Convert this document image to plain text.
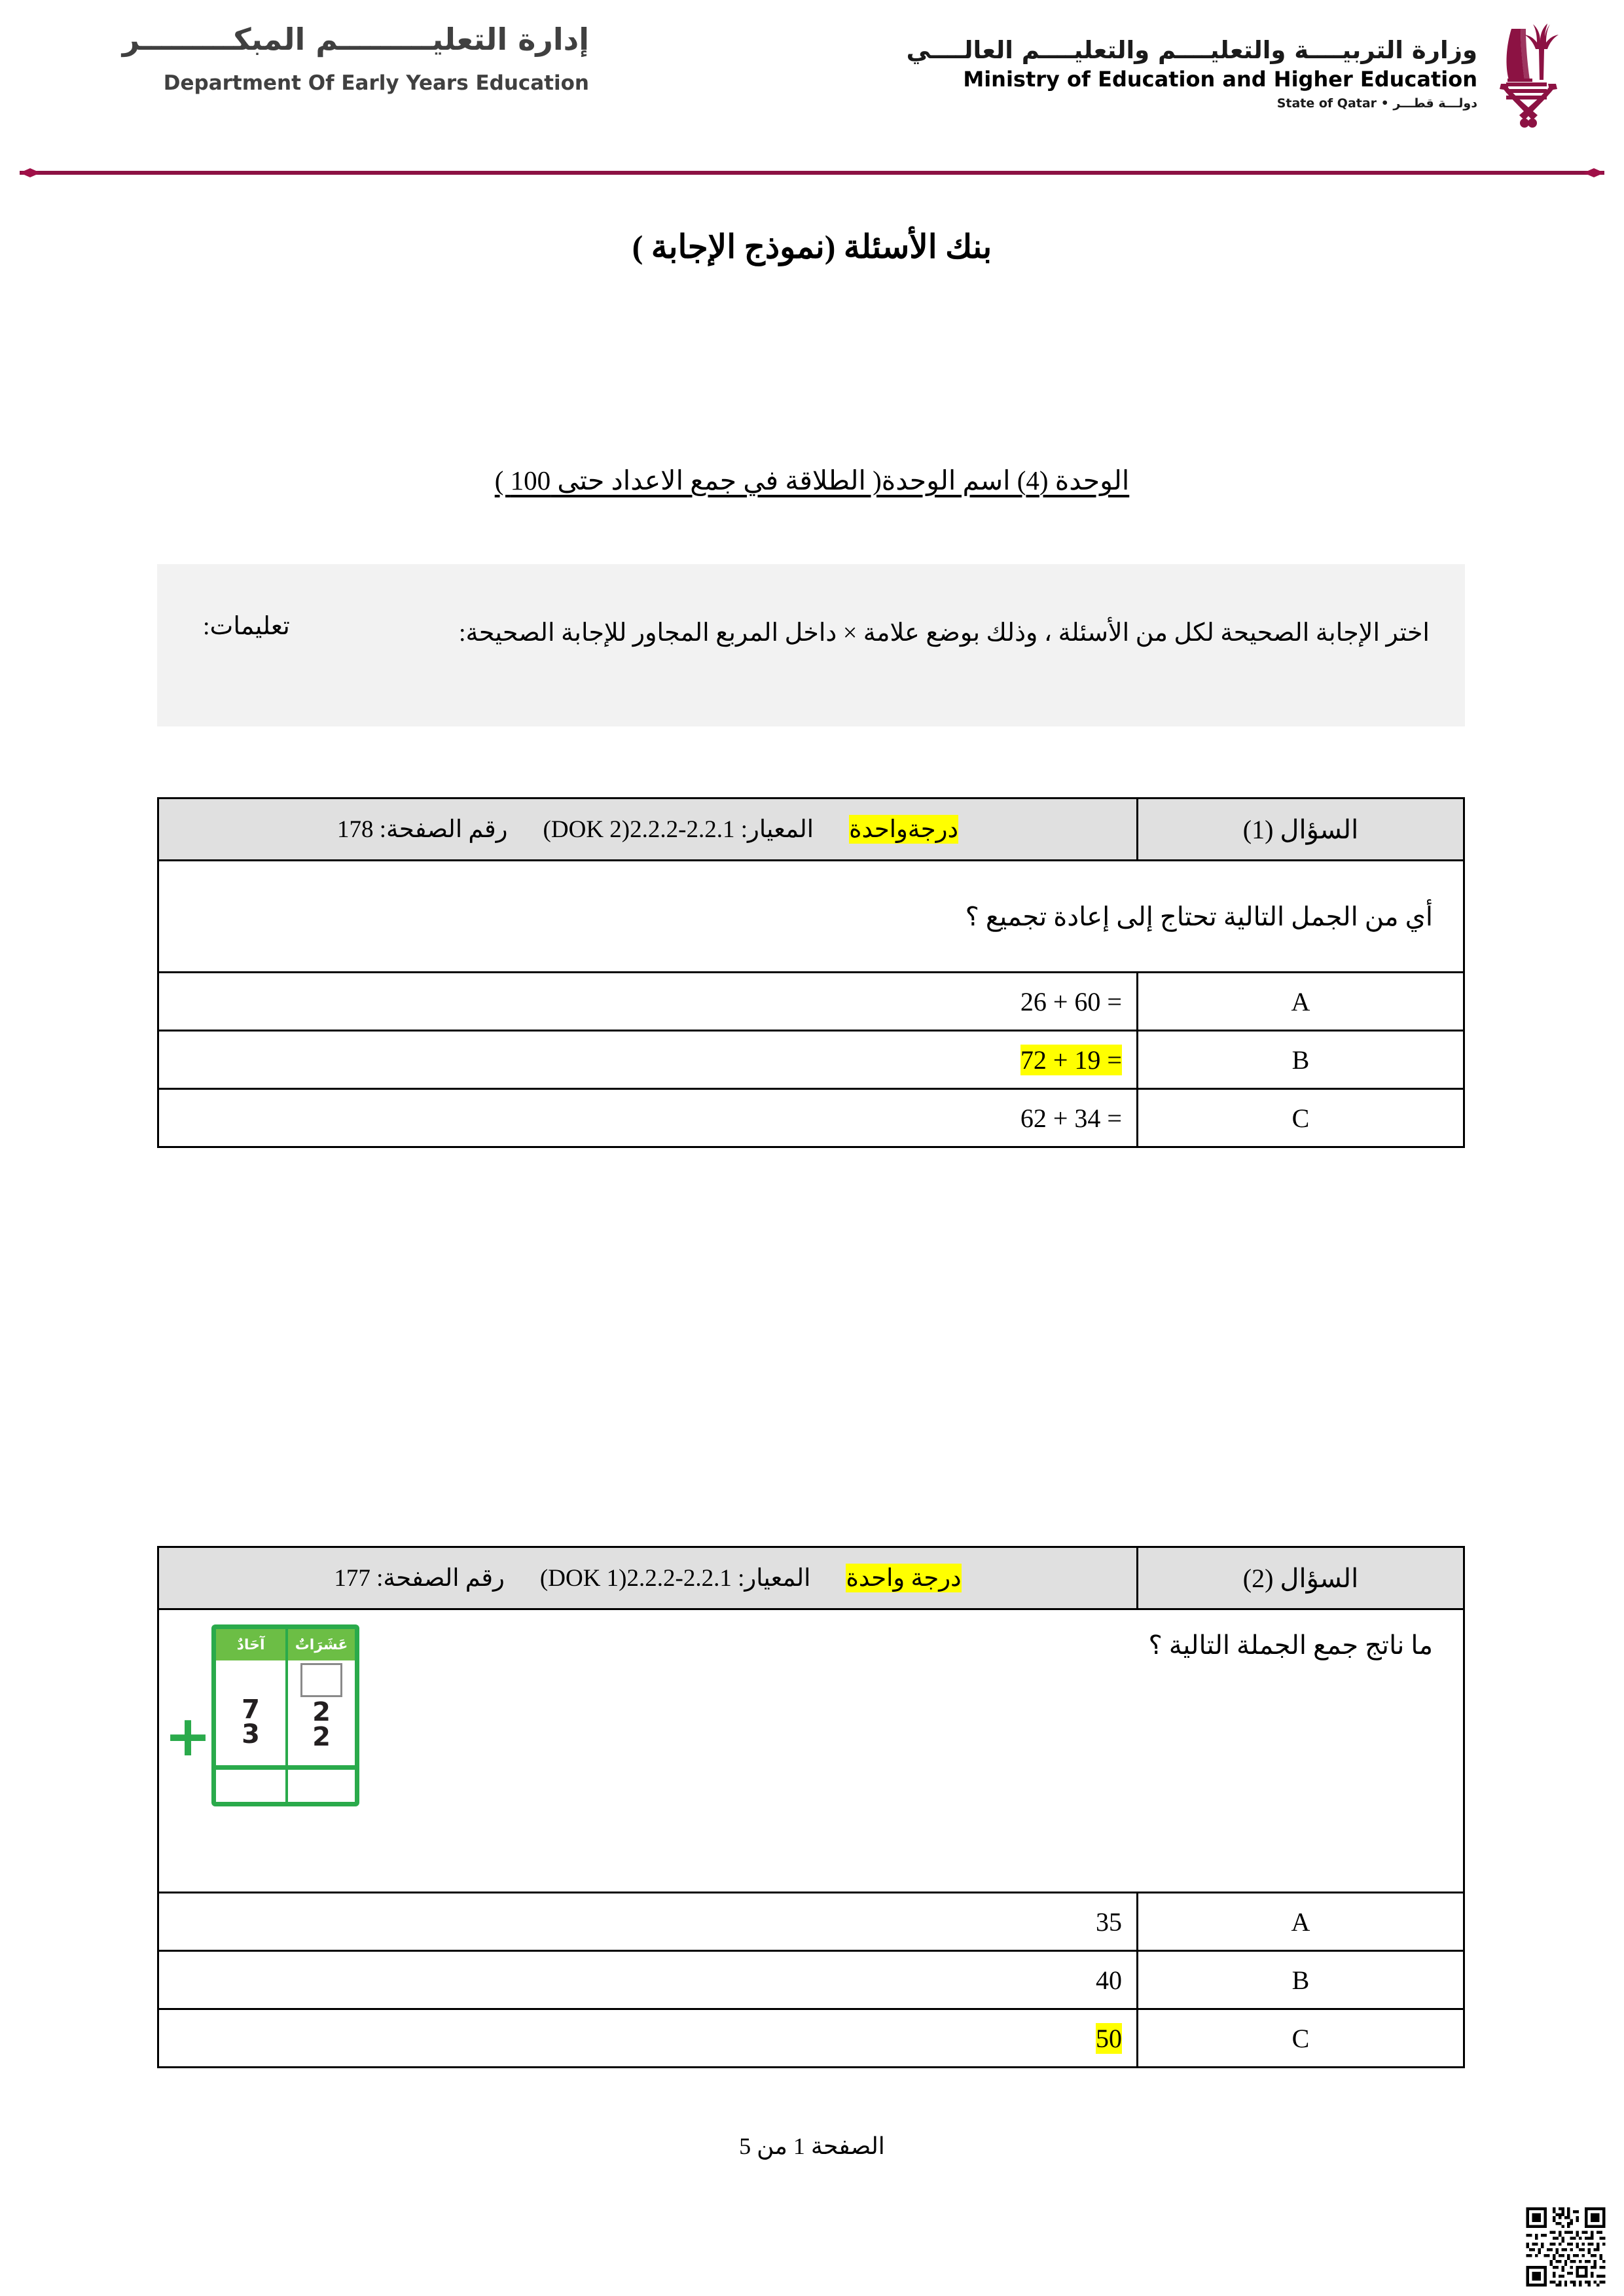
إدارة التعليـــــــــم المبكـــــــــر
Department Of Early Years Education
وزارة التربيــــة والتعليــــم والتعليــــم العالــــي
Ministry of Education and Higher Education
دولـــة قطـــر • State of Qatar
بنك الأسئلة (نموذج الإجابة )
الوحدة (4) اسم الوحدة( الطلاقة في جمع الاعداد حتى 100 )
تعليمات:	اختر الإجابة الصحيحة لكل من الأسئلة ، وذلك بوضع علامة × داخل المربع المجاور للإجابة الصحيحة:
السؤال (1)	درجةواحدةالمعيار: 2.2.1-2.2.2(DOK 2)رقم الصفحة: 178
أي من الجمل التالية تحتاج إلى إعادة تجميع ؟	
A	26 + 60 =

B	72 + 19 =

C	62 + 34 =
السؤال (2)	درجة واحدةالمعيار: 2.2.1-2.2.2(DOK 1)رقم الصفحة: 177

ما ناتج جمع الجملة التالية ؟
+
عَشَرَاتٌ
آحَادٌ
2
2
7
3

A	35

B	40

C	50
الصفحة 1 من 5
